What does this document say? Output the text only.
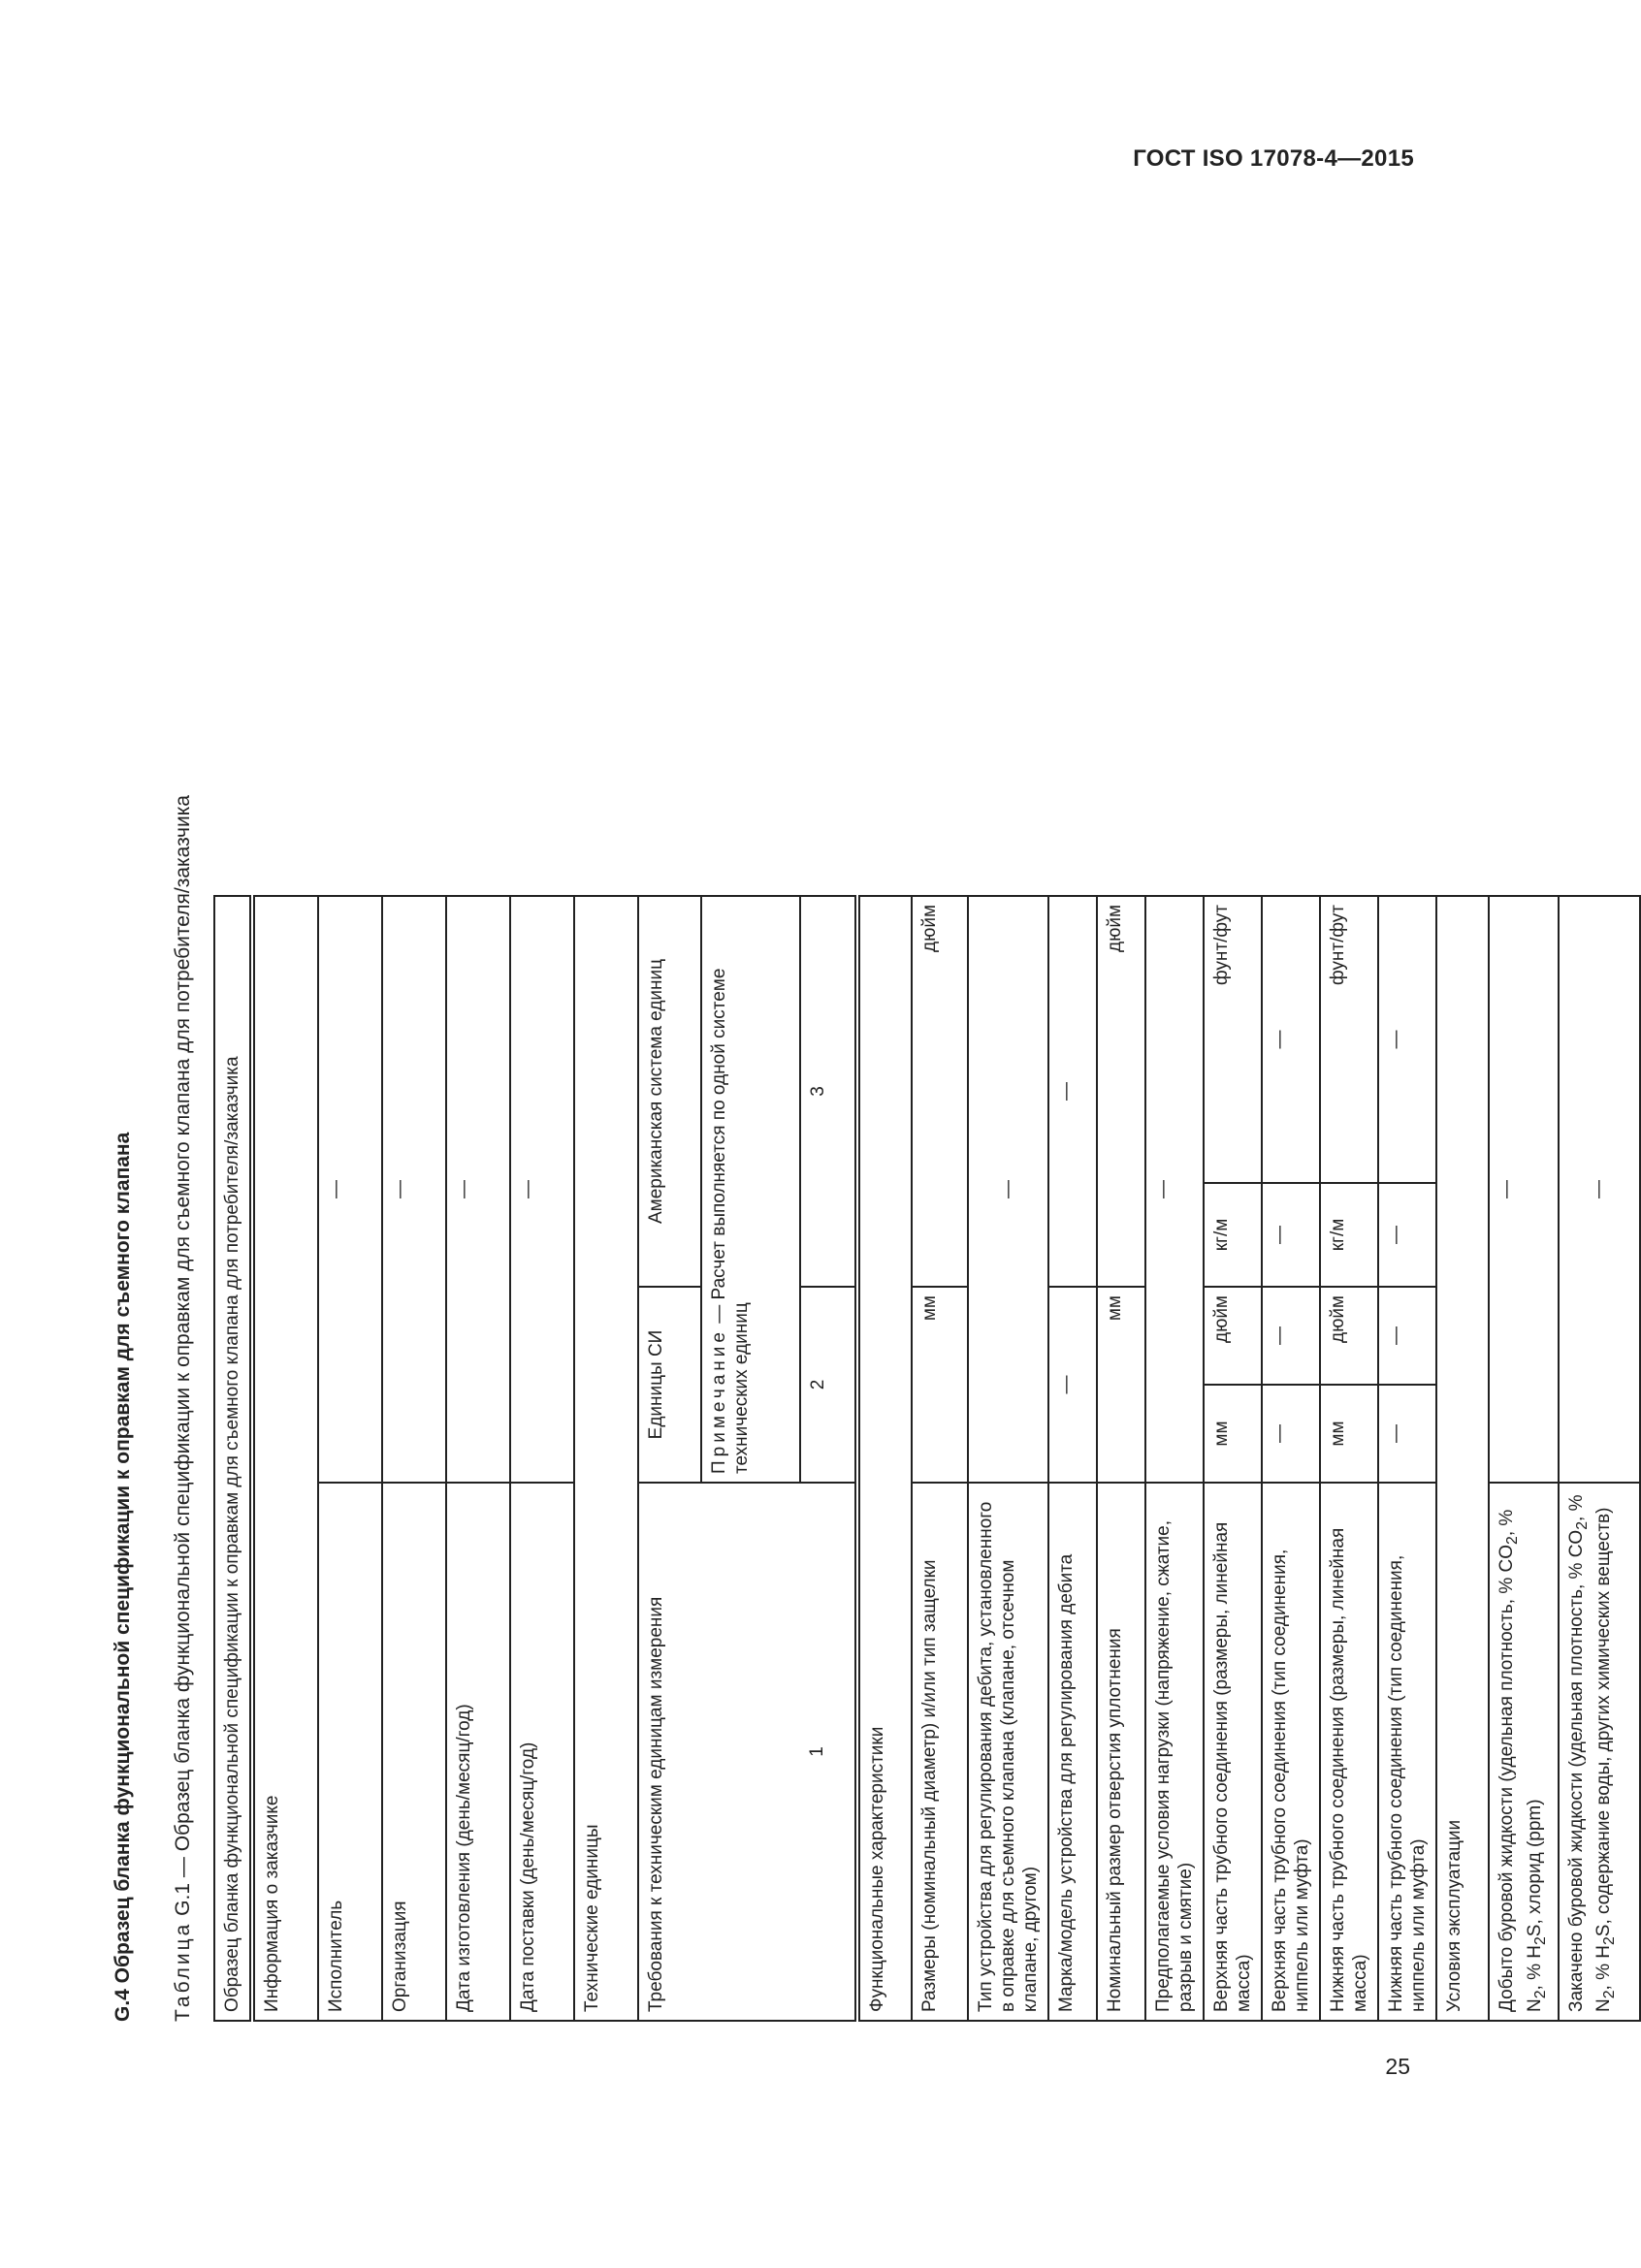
ГОСТ ISO 17078-4—2015
G.4 Образец бланка функциональной спецификации к оправкам для съемного клапана Таблица G.1 — Образец бланка функциональной спецификации к оправкам для съемного клапана для потребителя/заказчика Образец бланка функциональной спецификации к оправкам для съемного клапана для потребителя/заказчика				
Информация о заказчике				
Исполнитель	—			
Организация	—			
Дата изготовления (день/месяц/год)	—			
Дата поставки (день/месяц/год)	—			
Технические единицы				
Требования к техническим единицам измерения	Единицы СИ		Американская система единиц	
	Примечание — Расчет выполняется по одной системе технических единиц			
1	2		3	
Функциональные характеристики				
Размеры (номинальный диаметр) и/или тип защелки	мм		дюйм	
Тип устройства для регулирования дебита, установленного в оправке для съемного клапана (клапане, отсечном клапане, другом)	—			
Марка/модель устройства для регулирования дебита	—		—	
Номинальный размер отверстия уплотнения	мм		дюйм	
Предполагаемые условия нагрузки (напряжение, сжатие, разрыв и смятие)	—			
Верхняя часть трубного соединения (размеры, линейная масса)	мм	дюйм	кг/м	фунт/фут
Верхняя часть трубного соединения (тип соединения, ниппель или муфта)	—	—	—	—
Нижняя часть трубного соединения (размеры, линейная масса)	мм	дюйм	кг/м	фунт/фут
Нижняя часть трубного соединения (тип соединения, ниппель или муфта)	—	—	—	—
Условия эксплуатации				
Добыто буровой жидкости (удельная плотность, % $CO_2$, % $N_2$, % $H_2S$, хлорид (ppm)	—			
Закачено буровой жидкости (удельная плотность, % $CO_2$, % $N_2$, % $H_2S$, содержание воды, других химических веществ)	—			
25
